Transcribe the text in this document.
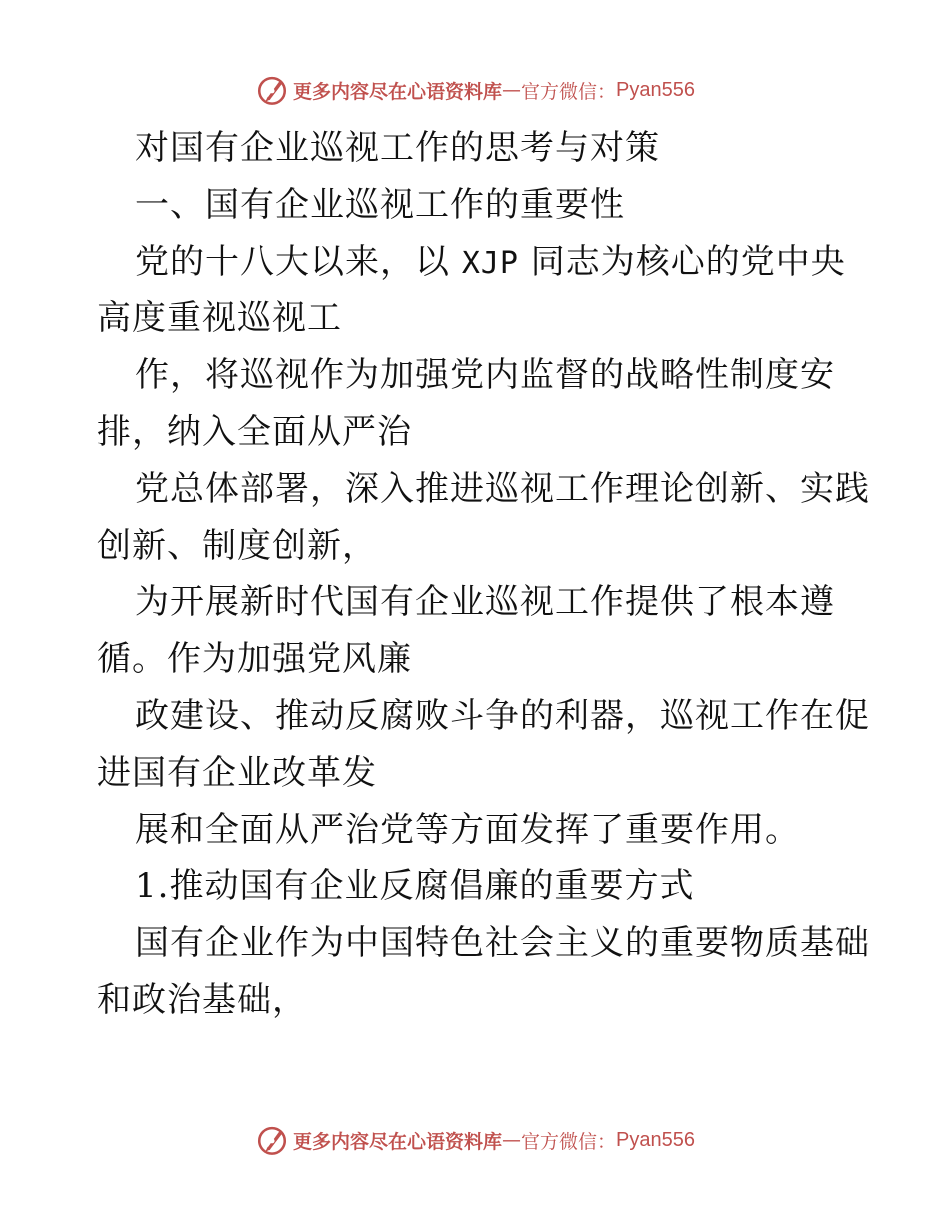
更多内容尽在心语资料库 — 官方微信： Pyan556
对国有企业巡视工作的思考与对策
一、国有企业巡视工作的重要性
党的十八大以来，以 XJP 同志为核心的党中央
高度重视巡视工
作，将巡视作为加强党内监督的战略性制度安
排，纳入全面从严治
党总体部署，深入推进巡视工作理论创新、实践
创新、制度创新，
为开展新时代国有企业巡视工作提供了根本遵
循。作为加强党风廉
政建设、推动反腐败斗争的利器，巡视工作在促
进国有企业改革发
展和全面从严治党等方面发挥了重要作用。
1.推动国有企业反腐倡廉的重要方式
国有企业作为中国特色社会主义的重要物质基础
和政治基础，
更多内容尽在心语资料库 — 官方微信： Pyan556
